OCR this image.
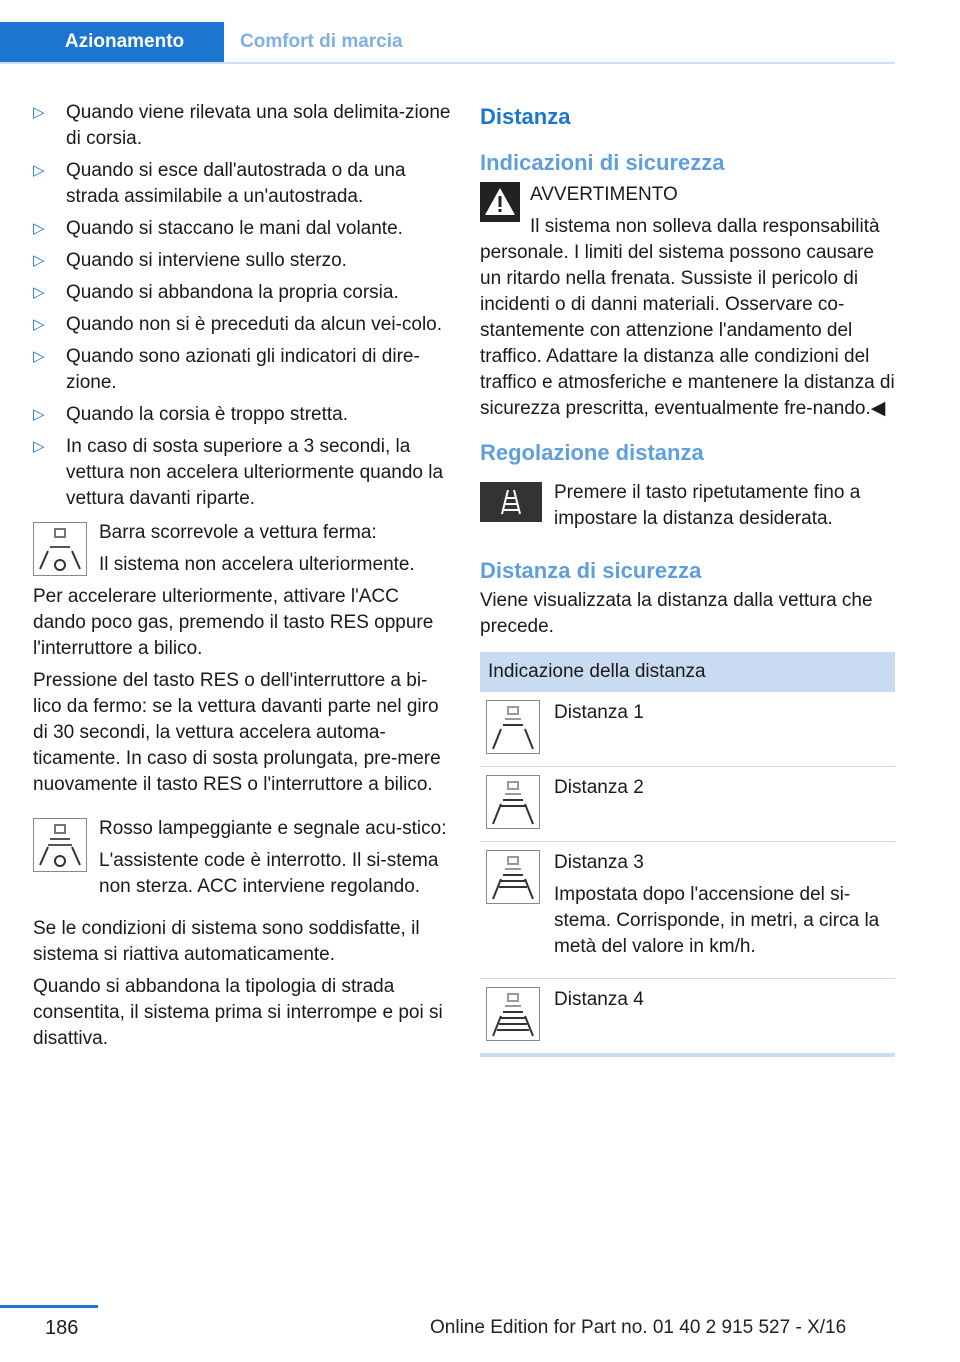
Azionamento	Comfort di marcia
▷ Quando viene rilevata una sola delimita-zione di corsia.
▷ Quando si esce dall'autostrada o da una strada assimilabile a un'autostrada.
▷ Quando si staccano le mani dal volante.
▷ Quando si interviene sullo sterzo.
▷ Quando si abbandona la propria corsia.
▷ Quando non si è preceduti da alcun vei-colo.
▷ Quando sono azionati gli indicatori di dire-zione.
▷ Quando la corsia è troppo stretta.
▷ In caso di sosta superiore a 3 secondi, la vettura non accelera ulteriormente quando la vettura davanti riparte.

Barra scorrevole a vettura ferma:

Il sistema non accelera ulteriormente.

Per accelerare ulteriormente, attivare l'ACC dando poco gas, premendo il tasto RES oppure l'interruttore a bilico.

Pressione del tasto RES o dell'interruttore a bi-lico da fermo: se la vettura davanti parte nel giro di 30 secondi, la vettura accelera automa-ticamente. In caso di sosta prolungata, pre-mere nuovamente il tasto RES o l'interruttore a bilico.

Rosso lampeggiante e segnale acu-stico:

L'assistente code è interrotto. Il si-stema non sterza. ACC interviene regolando.

Se le condizioni di sistema sono soddisfatte, il sistema si riattiva automaticamente.

Quando si abbandona la tipologia di strada consentita, il sistema prima si interrompe e poi si disattiva.

Distanza
Indicazioni di sicurezza

AVVERTIMENTO

Il sistema non solleva dalla responsabilità personale. I limiti del sistema possono causare un ritardo nella frenata. Sussiste il pericolo di incidenti o di danni materiali. Osservare co-stantemente con attenzione l'andamento del traffico. Adattare la distanza alle condizioni del traffico e atmosferiche e mantenere la distanza di sicurezza prescritta, eventualmente fre-nando.◀

Regolazione distanza

Premere il tasto ripetutamente fino a impostare la distanza desiderata.

Distanza di sicurezza

Viene visualizzata la distanza dalla vettura che precede.

Indicazione della distanza	

	Distanza 1

	Distanza 2

Distanza 3

Impostata dopo l'accensione del si-stema. Corrisponde, in metri, a circa la metà del valore in km/h.

	Distanza 4
186	Online Edition for Part no. 01 40 2 915 527 - X/16
